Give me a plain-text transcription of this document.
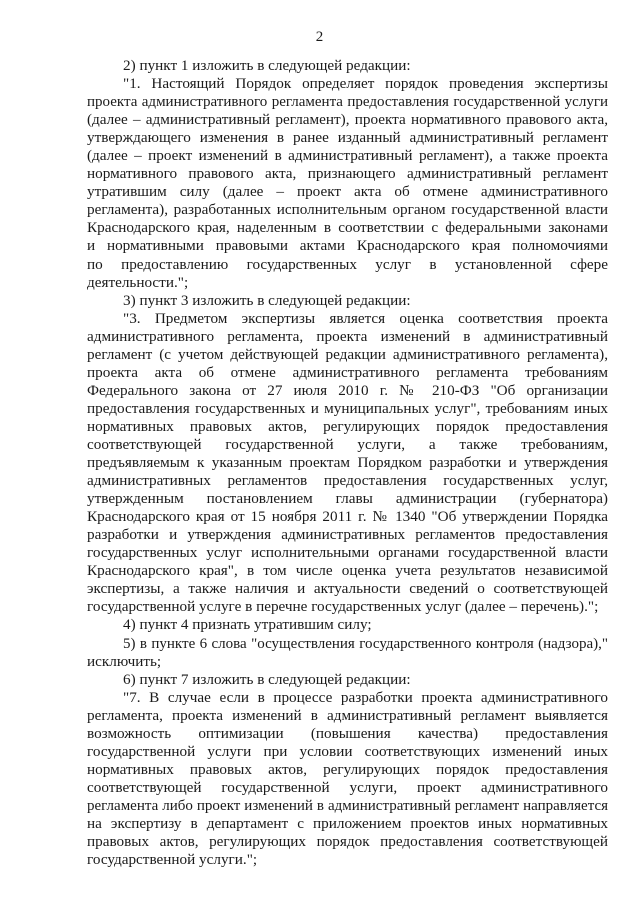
2
2) пункт 1 изложить в следующей редакции:
"1. Настоящий Порядок определяет порядок проведения экспертизы
проекта административного регламента предоставления государственной услуги
(далее – административный регламент), проекта нормативного правового акта,
утверждающего изменения в ранее изданный административный регламент
(далее – проект изменений в административный регламент), а также проекта
нормативного правового акта, признающего административный регламент
утратившим силу (далее – проект акта об отмене административного
регламента), разработанных исполнительным органом государственной власти
Краснодарского края, наделенным в соответствии с федеральными законами
и нормативными правовыми актами Краснодарского края полномочиями
по предоставлению государственных услуг в установленной сфере
деятельности.";
3) пункт 3 изложить в следующей редакции:
"3. Предметом экспертизы является оценка соответствия проекта
административного регламента, проекта изменений в административный
регламент (с учетом действующей редакции административного регламента),
проекта акта об отмене административного регламента требованиям
Федерального закона от 27 июля 2010 г. № 210-ФЗ "Об организации
предоставления государственных и муниципальных услуг", требованиям иных
нормативных правовых актов, регулирующих порядок предоставления
соответствующей государственной услуги, а также требованиям,
предъявляемым к указанным проектам Порядком разработки и утверждения
административных регламентов предоставления государственных услуг,
утвержденным постановлением главы администрации (губернатора)
Краснодарского края от 15 ноября 2011 г. № 1340 "Об утверждении Порядка
разработки и утверждения административных регламентов предоставления
государственных услуг исполнительными органами государственной власти
Краснодарского края", в том числе оценка учета результатов независимой
экспертизы, а также наличия и актуальности сведений о соответствующей
государственной услуге в перечне государственных услуг (далее – перечень).";
4) пункт 4 признать утратившим силу;
5) в пункте 6 слова "осуществления государственного контроля (надзора),"
исключить;
6) пункт 7 изложить в следующей редакции:
"7. В случае если в процессе разработки проекта административного
регламента, проекта изменений в административный регламент выявляется
возможность оптимизации (повышения качества) предоставления
государственной услуги при условии соответствующих изменений иных
нормативных правовых актов, регулирующих порядок предоставления
соответствующей государственной услуги, проект административного
регламента либо проект изменений в административный регламент направляется
на экспертизу в департамент с приложением проектов иных нормативных
правовых актов, регулирующих порядок предоставления соответствующей
государственной услуги.";
